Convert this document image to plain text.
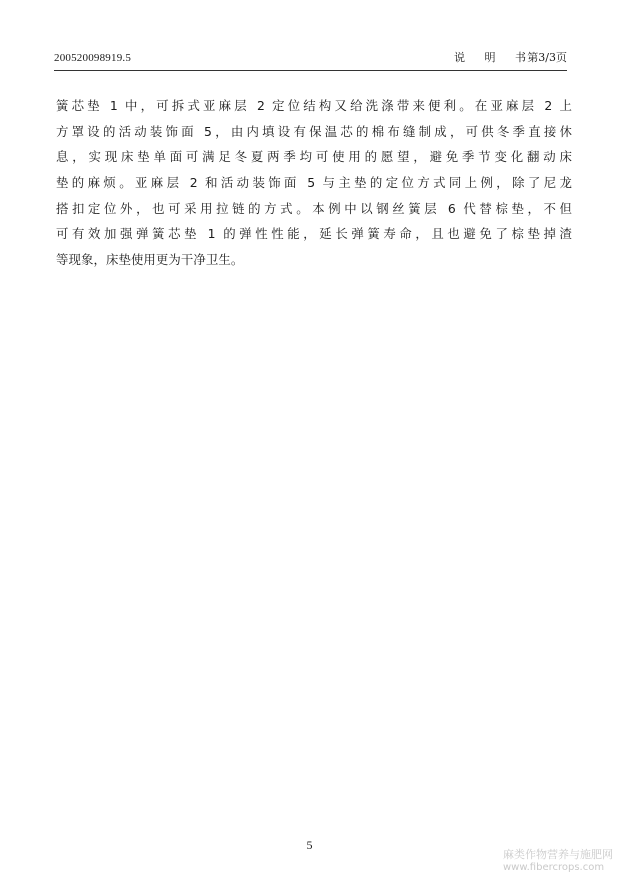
200520098919.5	说 明 书
第3/3页
簧芯垫 1 中，可拆式亚麻层 2 定位结构又给洗涤带来便利。在亚麻层 2 上
方罩设的活动装饰面 5，由内填设有保温芯的棉布缝制成，可供冬季直接休
息，实现床垫单面可满足冬夏两季均可使用的愿望，避免季节变化翻动床
垫的麻烦。亚麻层 2 和活动装饰面 5 与主垫的定位方式同上例，除了尼龙
搭扣定位外，也可采用拉链的方式。本例中以钢丝簧层 6 代替棕垫，不但
可有效加强弹簧芯垫 1 的弹性性能，延长弹簧寿命，且也避免了棕垫掉渣
等现象，床垫使用更为干净卫生。
5
麻类作物营养与施肥网
www.fibercrops.com
